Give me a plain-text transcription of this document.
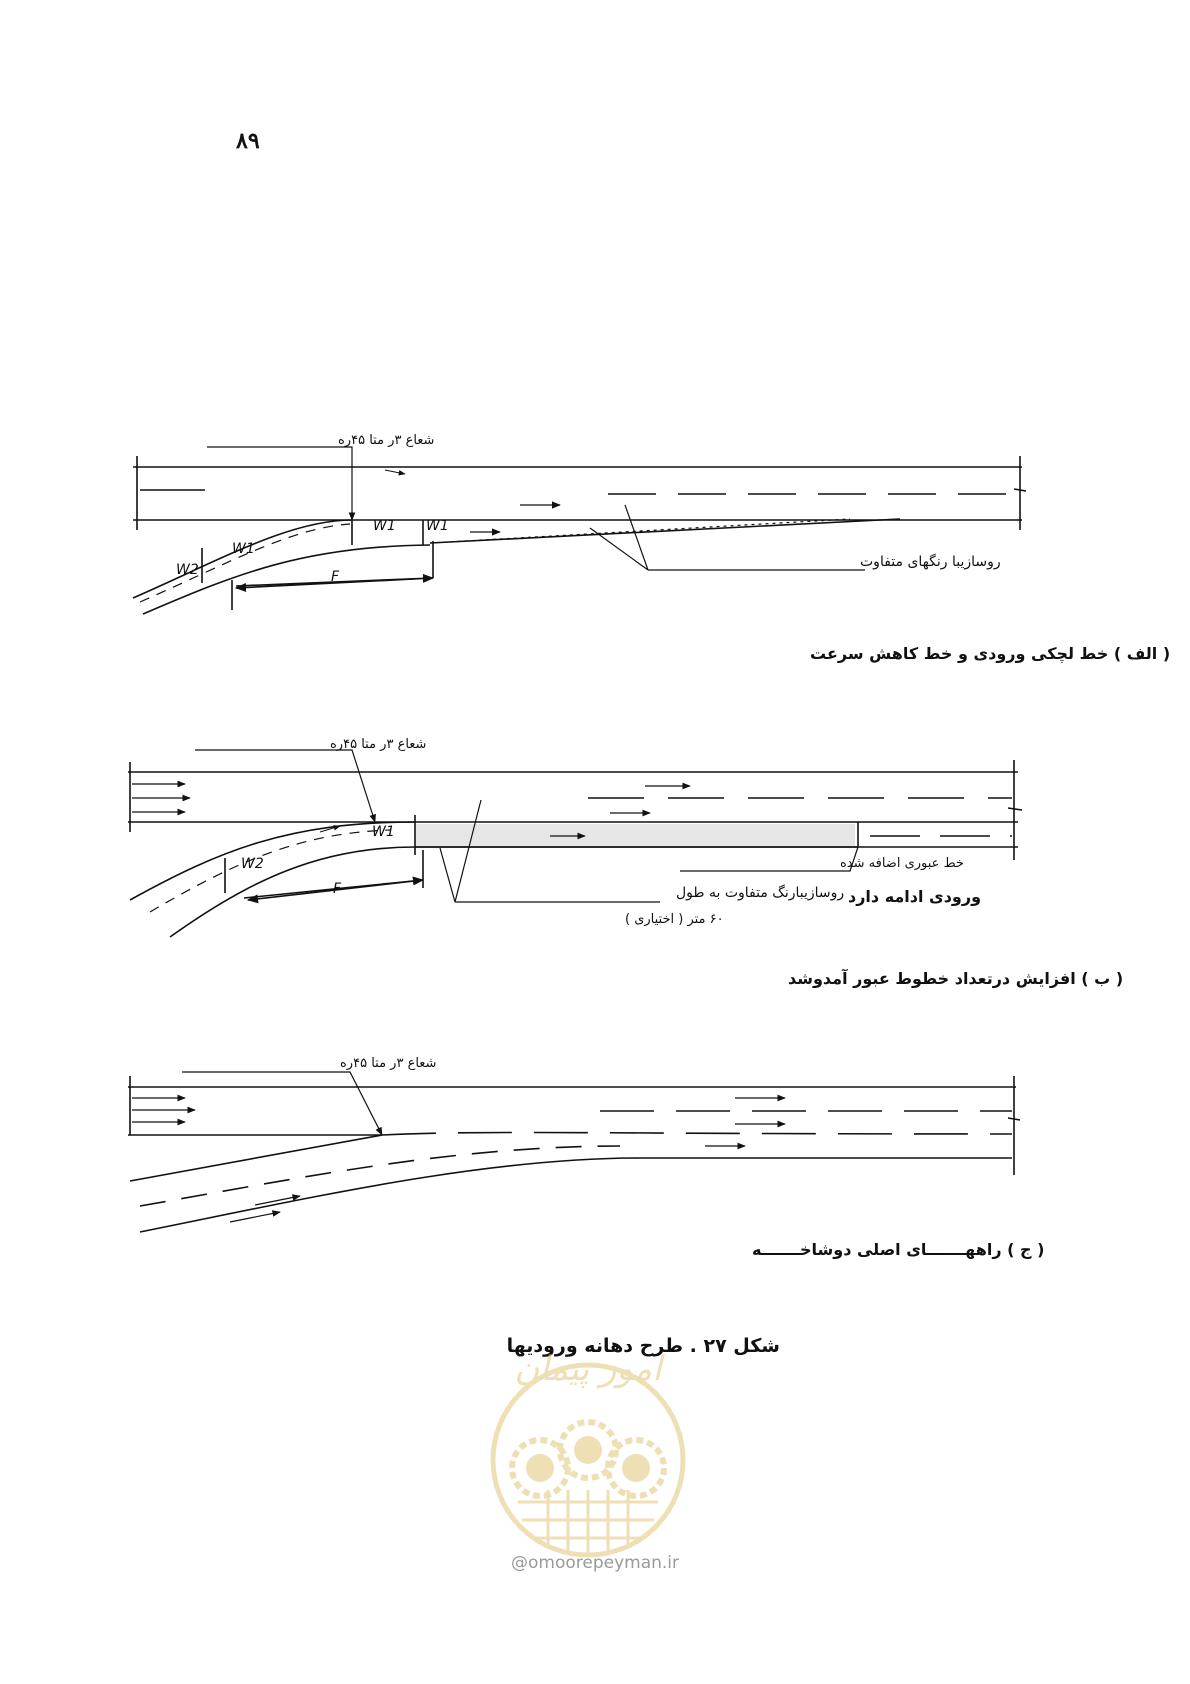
۸۹
شعاع ۳ر متا ۴۵ره
روسازیبا رنگهای متفاوت
W1 W1
W1
W2	F
( الف ) خط لچکی ورودی و خط کاهش سرعت
شعاع ۳ر متا ۴۵ره
خط عبوری اضافه شده
روسازیبارنگ متفاوت به طول ورودی ادامه دارد
۶۰ متر ( اختیاری )
W1
W2
F
( ب ) افزایش درتعداد خطوط عبور آمدوشد
شعاع ۳ر متا ۴۵ره
( ج ) راههـــــــای اصلی دوشاخـــــــه
شکل ۲۷ . طرح دهانه ورودیها
امور پیمان
@omoorepeyman.ir
